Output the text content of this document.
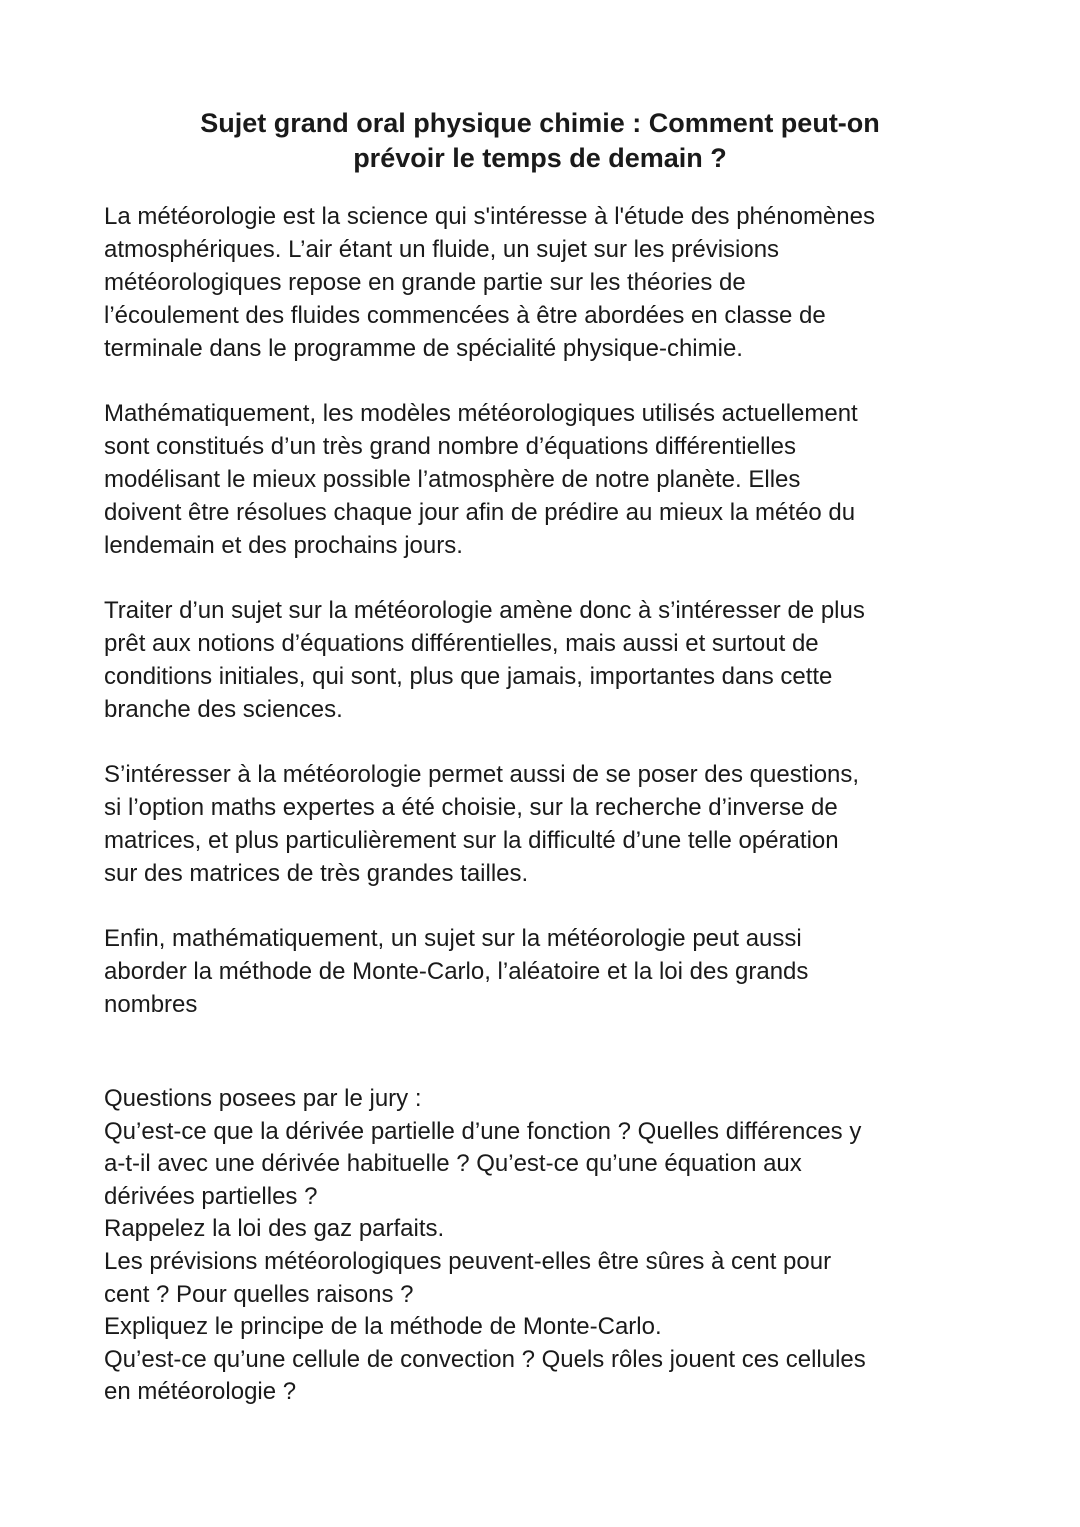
Sujet grand oral physique chimie : Comment peut-on
prévoir le temps de demain ?

La météorologie est la science qui s'intéresse à l'étude des phénomènes
atmosphériques. L’air étant un fluide, un sujet sur les prévisions
météorologiques repose en grande partie sur les théories de
l’écoulement des fluides commencées à être abordées en classe de
terminale dans le programme de spécialité physique-chimie.

Mathématiquement, les modèles météorologiques utilisés actuellement
sont constitués d’un très grand nombre d’équations différentielles
modélisant le mieux possible l’atmosphère de notre planète. Elles
doivent être résolues chaque jour afin de prédire au mieux la météo du
lendemain et des prochains jours.

Traiter d’un sujet sur la météorologie amène donc à s’intéresser de plus
prêt aux notions d’équations différentielles, mais aussi et surtout de
conditions initiales, qui sont, plus que jamais, importantes dans cette
branche des sciences.

S’intéresser à la météorologie permet aussi de se poser des questions,
si l’option maths expertes a été choisie, sur la recherche d’inverse de
matrices, et plus particulièrement sur la difficulté d’une telle opération
sur des matrices de très grandes tailles.

Enfin, mathématiquement, un sujet sur la météorologie peut aussi
aborder la méthode de Monte-Carlo, l’aléatoire et la loi des grands
nombres

Questions posees par le jury :
Qu’est-ce que la dérivée partielle d’une fonction ? Quelles différences y
a-t-il avec une dérivée habituelle ? Qu’est-ce qu’une équation aux
dérivées partielles ?
Rappelez la loi des gaz parfaits.
Les prévisions météorologiques peuvent-elles être sûres à cent pour
cent ? Pour quelles raisons ?
Expliquez le principe de la méthode de Monte-Carlo.
Qu’est-ce qu’une cellule de convection ? Quels rôles jouent ces cellules
en météorologie ?
